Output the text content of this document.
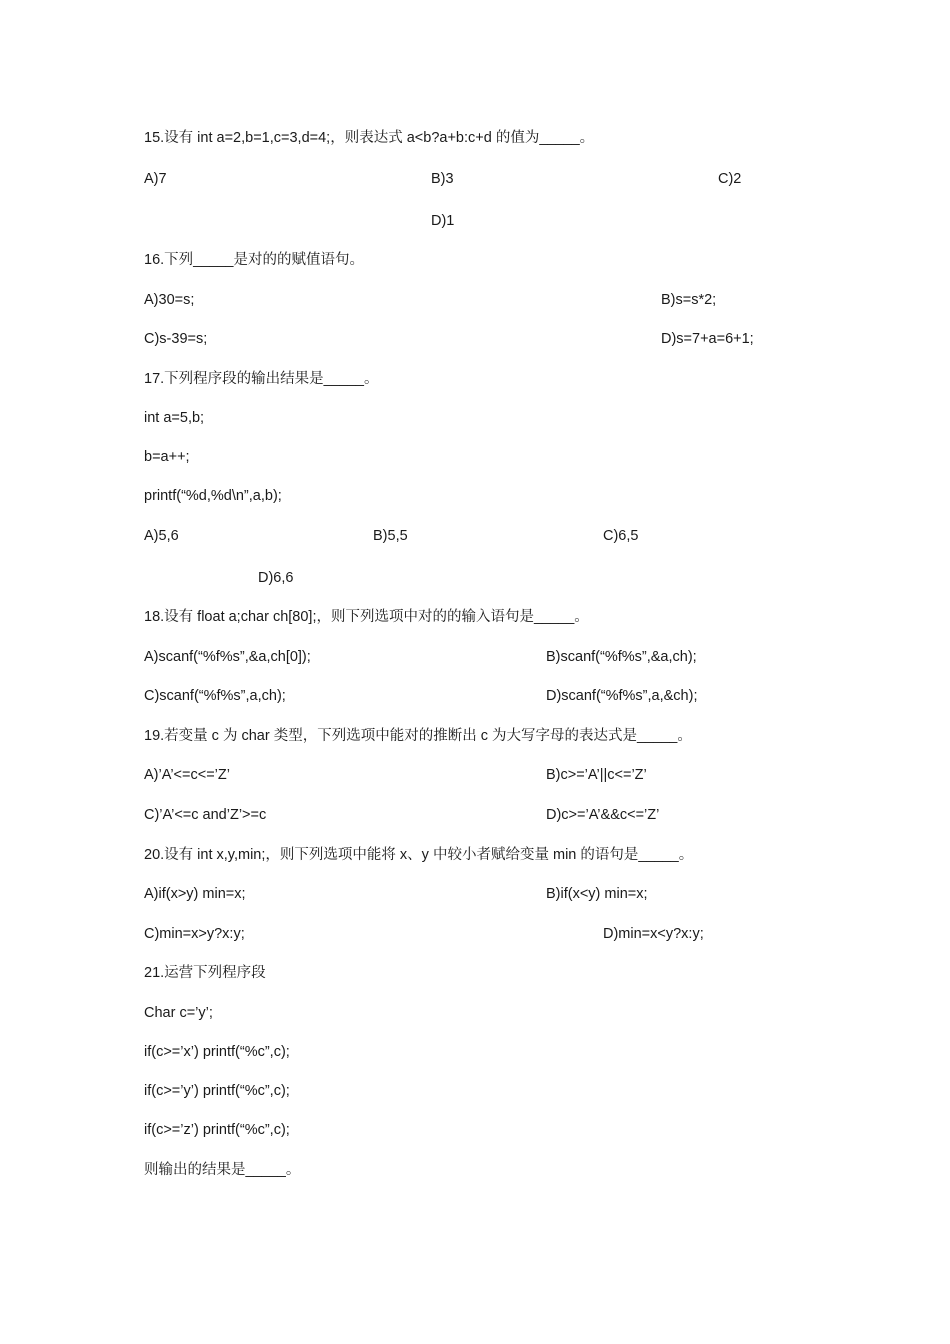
15.设有 int a=2,b=1,c=3,d=4;，则表达式 a<b?a+b:c+d 的值为_____。
A)7	B)3	C)2
D)1
16.下列_____是对的的赋值语句。
A)30=s;	B)s=s*2;
C)s-39=s;	D)s=7+a=6+1;
17.下列程序段的输出结果是_____。
int a=5,b;
b=a++;
printf(“%d,%d\n”,a,b);
A)5,6	B)5,5	C)6,5
D)6,6
18.设有 float a;char ch[80];，则下列选项中对的的输入语句是_____。
A)scanf(“%f%s”,&a,ch[0]);	B)scanf(“%f%s”,&a,ch);
C)scanf(“%f%s”,a,ch);	D)scanf(“%f%s”,a,&ch);
19.若变量 c 为 char 类型，下列选项中能对的推断出 c 为大写字母的表达式是_____。
A)’A’<=c<=’Z’	B)c>=’A’||c<=’Z’
C)’A’<=c and’Z’>=c	D)c>=’A’&&c<=’Z’
20.设有 int x,y,min;，则下列选项中能将 x、y 中较小者赋给变量 min 的语句是_____。
A)if(x>y) min=x;	B)if(x<y) min=x;
C)min=x>y?x:y;	D)min=x<y?x:y;
21.运营下列程序段
Char c=’y’;
if(c>=’x’) printf(“%c”,c);
if(c>=’y’) printf(“%c”,c);
if(c>=’z’) printf(“%c”,c);
则输出的结果是_____。
